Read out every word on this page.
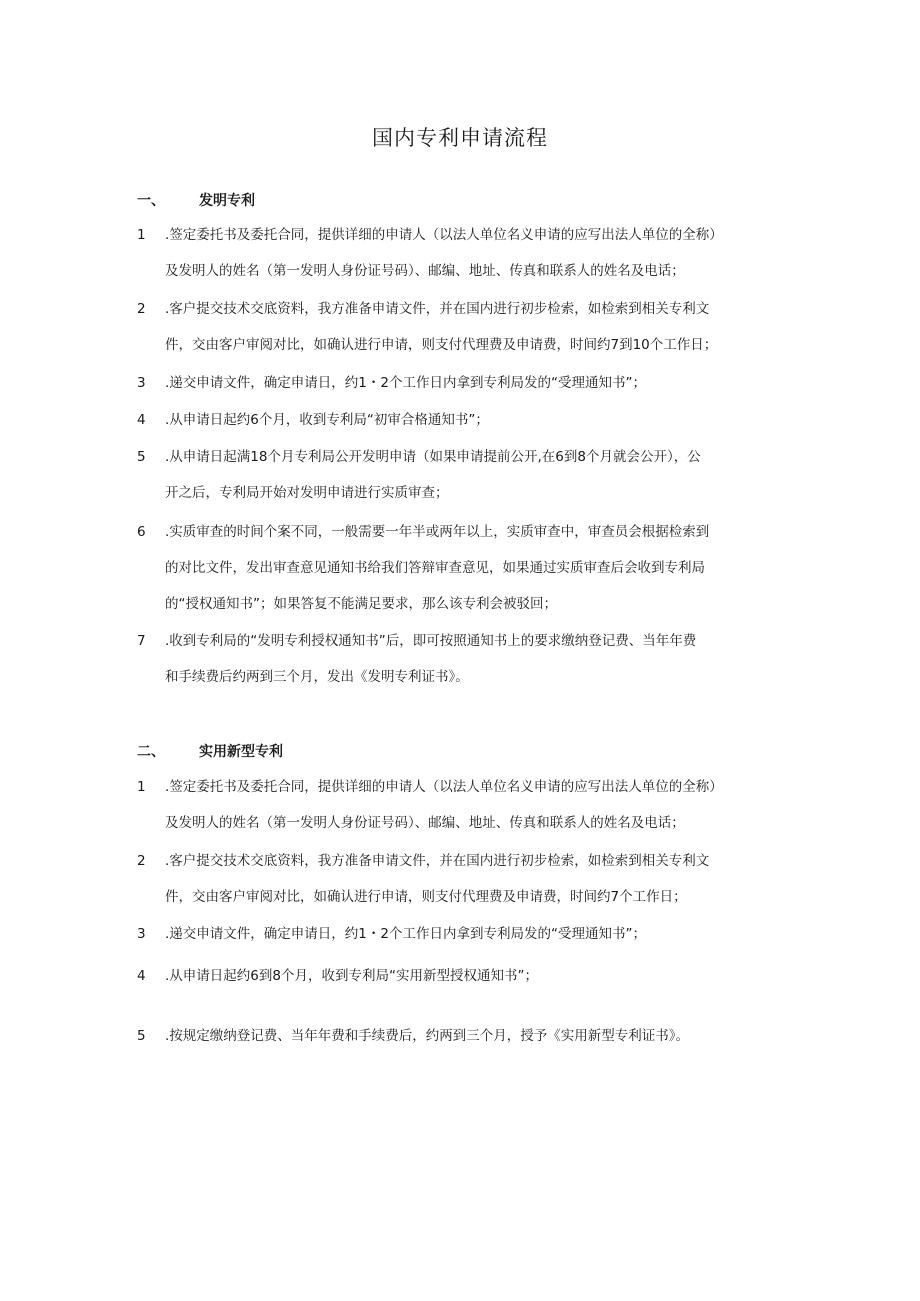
国内专利申请流程
一、	发明专利
1	.签定委托书及委托合同，提供详细的申请人（以法人单位名义申请的应写出法人单位的全称）
及发明人的姓名（第一发明人身份证号码）、邮编、地址、传真和联系人的姓名及电话；
2	.客户提交技术交底资料，我方准备申请文件，并在国内进行初步检索，如检索到相关专利文
件，交由客户审阅对比，如确认进行申请，则支付代理费及申请费，时间约7到10个工作日；
3	.递交申请文件，确定申请日，约1・2个工作日内拿到专利局发的“受理通知书”；
4	.从申请日起约6个月，收到专利局“初审合格通知书”；
5	.从申请日起满18个月专利局公开发明申请（如果申请提前公开,在6到8个月就会公开），公
开之后，专利局开始对发明申请进行实质审查；
6	.实质审查的时间个案不同，一般需要一年半或两年以上，实质审查中，审查员会根据检索到
的对比文件，发出审查意见通知书给我们答辩审查意见，如果通过实质审查后会收到专利局
的“授权通知书”；如果答复不能满足要求，那么该专利会被驳回；
7	.收到专利局的“发明专利授权通知书”后，即可按照通知书上的要求缴纳登记费、当年年费
和手续费后约两到三个月，发出《发明专利证书》。
二、	实用新型专利
1	.签定委托书及委托合同，提供详细的申请人（以法人单位名义申请的应写出法人单位的全称）
及发明人的姓名（第一发明人身份证号码）、邮编、地址、传真和联系人的姓名及电话；
2	.客户提交技术交底资料，我方准备申请文件，并在国内进行初步检索，如检索到相关专利文
件，交由客户审阅对比，如确认进行申请，则支付代理费及申请费，时间约7个工作日；
3	.递交申请文件，确定申请日，约1・2个工作日内拿到专利局发的“受理通知书”；
4	.从申请日起约6到8个月，收到专利局“实用新型授权通知书”；
5	.按规定缴纳登记费、当年年费和手续费后，约两到三个月，授予《实用新型专利证书》。
